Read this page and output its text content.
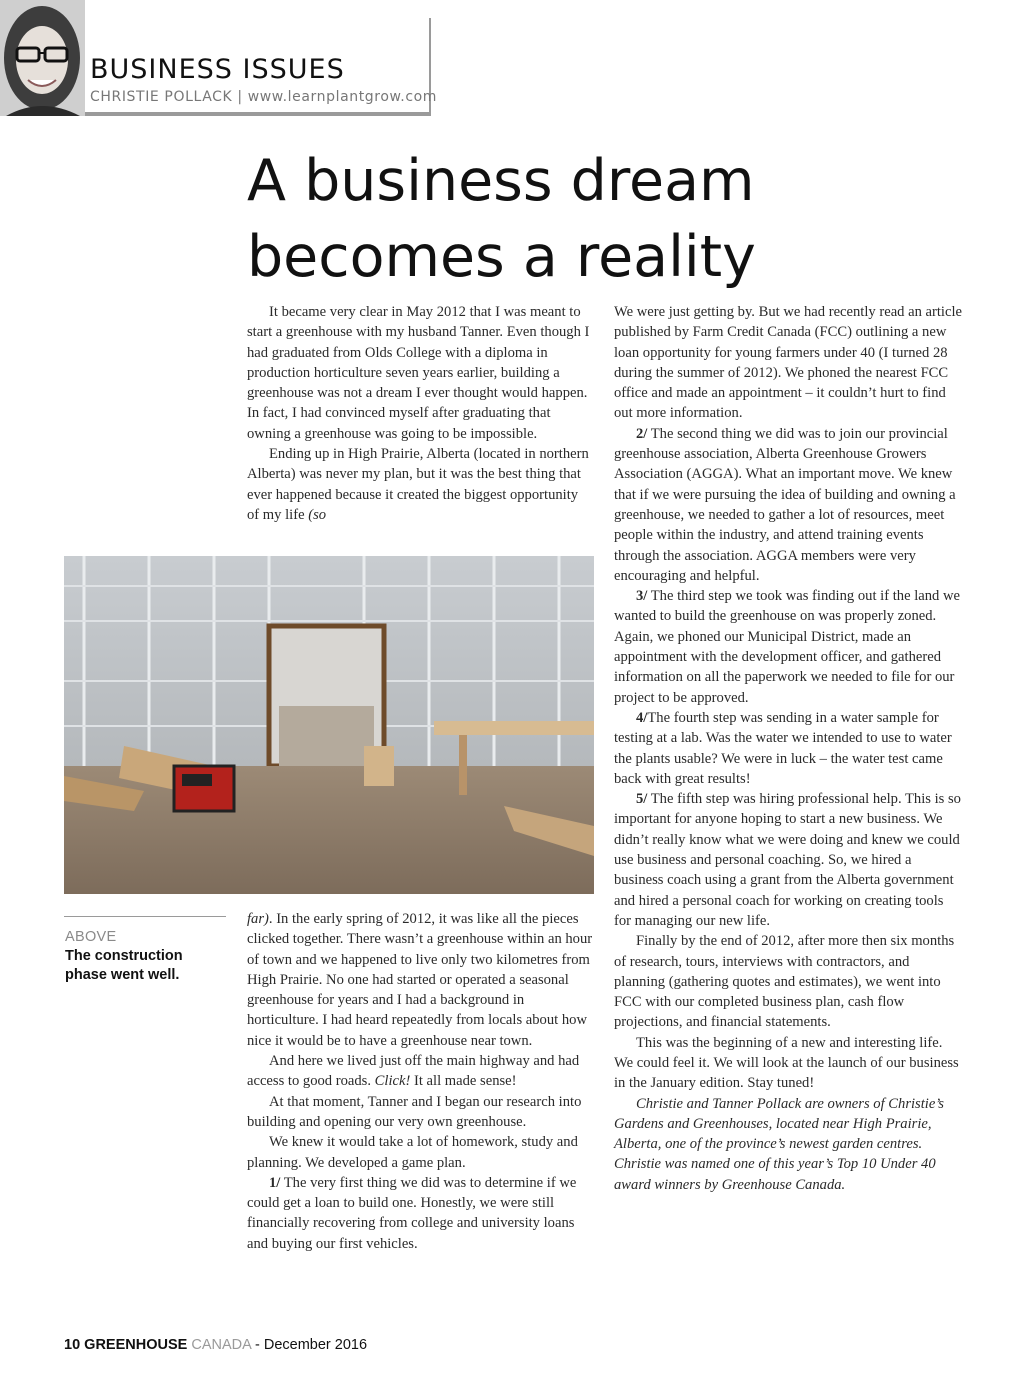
BUSINESS ISSUES
CHRISTIE POLLACK | www.learnplantgrow.com
A business dream
becomes a reality

It became very clear in May 2012 that I was meant to start a greenhouse with my husband Tanner. Even though I had graduated from Olds College with a diploma in production horticulture seven years earlier, building a greenhouse was not a dream I ever thought would happen. In fact, I had convinced myself after graduating that owning a greenhouse was going to be impossible.

Ending up in High Prairie, Alberta (located in northern Alberta) was never my plan, but it was the best thing that ever happened because it created the biggest opportunity of my life (so

ABOVE
The construction phase went well.

far). In the early spring of 2012, it was like all the pieces clicked together. There wasn’t a greenhouse within an hour of town and we happened to live only two kilometres from High Prairie. No one had started or operated a seasonal greenhouse for years and I had a background in horticulture. I had heard repeatedly from locals about how nice it would be to have a greenhouse near town.

And here we lived just off the main highway and had access to good roads. Click! It all made sense!

At that moment, Tanner and I began our research into building and opening our very own greenhouse.

We knew it would take a lot of homework, study and planning. We developed a game plan.

1/ The very first thing we did was to determine if we could get a loan to build one. Honestly, we were still financially recovering from college and university loans and buying our first vehicles.

We were just getting by. But we had recently read an article published by Farm Credit Canada (FCC) outlining a new loan opportunity for young farmers under 40 (I turned 28 during the summer of 2012). We phoned the nearest FCC office and made an appointment – it couldn’t hurt to find out more information.

2/ The second thing we did was to join our provincial greenhouse association, Alberta Greenhouse Growers Association (AGGA). What an important move. We knew that if we were pursuing the idea of building and owning a greenhouse, we needed to gather a lot of resources, meet people within the industry, and attend training events through the association. AGGA members were very encouraging and helpful.

3/ The third step we took was finding out if the land we wanted to build the greenhouse on was properly zoned. Again, we phoned our Municipal District, made an appointment with the development officer, and gathered information on all the paperwork we needed to file for our project to be approved.

4/The fourth step was sending in a water sample for testing at a lab. Was the water we intended to use to water the plants usable? We were in luck – the water test came back with great results!

5/ The fifth step was hiring professional help. This is so important for anyone hoping to start a new business. We didn’t really know what we were doing and knew we could use business and personal coaching. So, we hired a business coach using a grant from the Alberta government and hired a personal coach for working on creating tools for managing our new life.

Finally by the end of 2012, after more then six months of research, tours, interviews with contractors, and planning (gathering quotes and estimates), we went into FCC with our completed business plan, cash flow projections, and financial statements.

This was the beginning of a new and interesting life. We could feel it. We will look at the launch of our business in the January edition. Stay tuned!

Christie and Tanner Pollack are owners of Christie’s Gardens and Greenhouses, located near High Prairie, Alberta, one of the province’s newest garden centres. Christie was named one of this year’s Top 10 Under 40 award winners by Greenhouse Canada.

10 GREENHOUSE CANADA - December 2016
